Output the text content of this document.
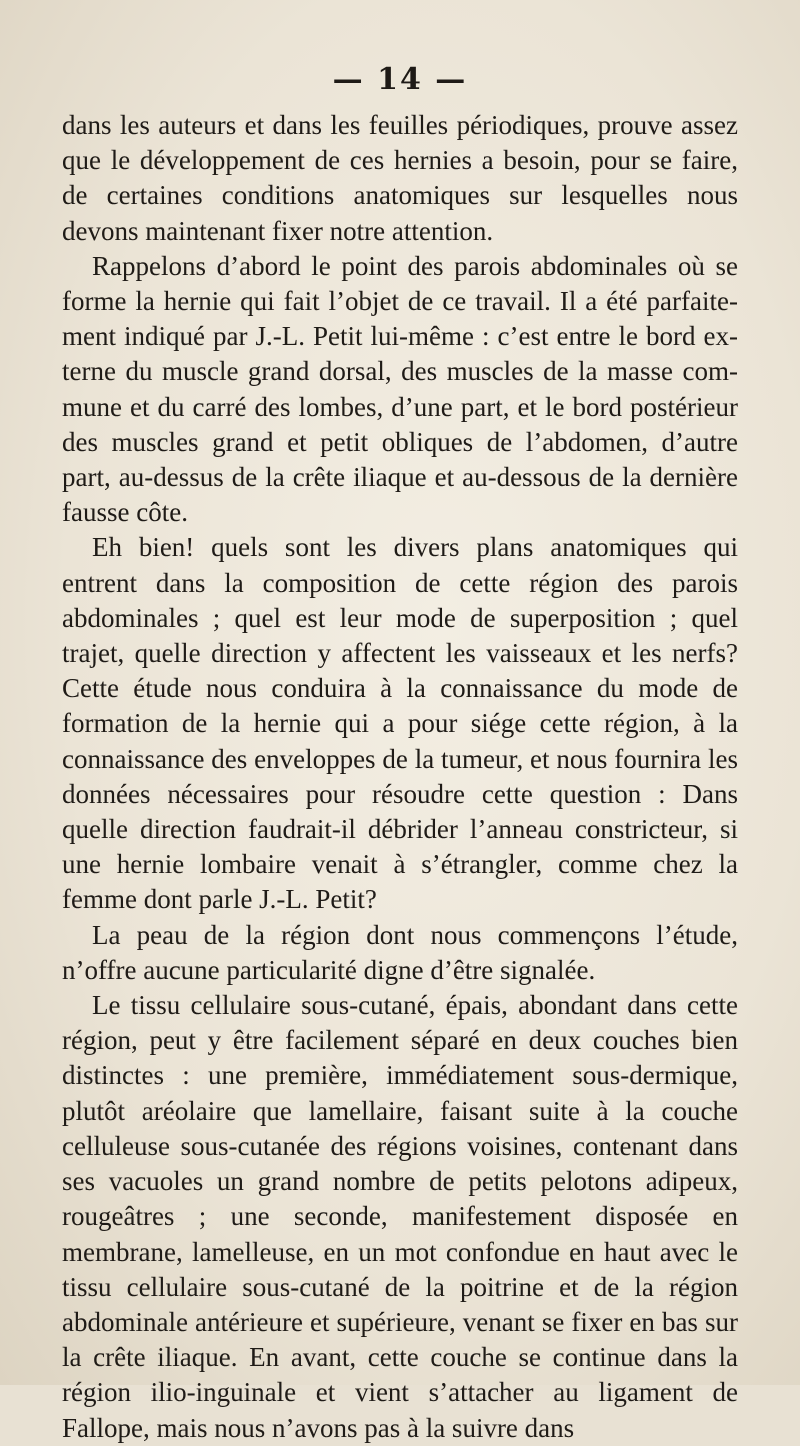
— 14 —

dans les auteurs et dans les feuilles périodiques, prouve assez que le développement de ces hernies a besoin, pour se faire, de certaines conditions anatomiques sur lesquelles nous devons maintenant fixer notre attention.

Rappelons d’abord le point des parois abdominales où se forme la hernie qui fait l’objet de ce travail. Il a été parfaitement indiqué par J.-L. Petit lui-même : c’est entre le bord externe du muscle grand dorsal, des muscles de la masse commune et du carré des lombes, d’une part, et le bord postérieur des muscles grand et petit obliques de l’abdomen, d’autre part, au-dessus de la crête iliaque et au-dessous de la dernière fausse côte.

Eh bien! quels sont les divers plans anatomiques qui entrent dans la composition de cette région des parois abdominales ; quel est leur mode de superposition ; quel trajet, quelle direction y affectent les vaisseaux et les nerfs? Cette étude nous conduira à la connaissance du mode de formation de la hernie qui a pour siége cette région, à la connaissance des enveloppes de la tumeur, et nous fournira les données nécessaires pour résoudre cette question : Dans quelle direction faudrait-il débrider l’anneau constricteur, si une hernie lombaire venait à s’étrangler, comme chez la femme dont parle J.-L. Petit?

La peau de la région dont nous commençons l’étude, n’offre aucune particularité digne d’être signalée.

Le tissu cellulaire sous-cutané, épais, abondant dans cette région, peut y être facilement séparé en deux couches bien distinctes : une première, immédiatement sous-dermique, plutôt aréolaire que lamellaire, faisant suite à la couche celluleuse sous-cutanée des régions voisines, contenant dans ses vacuoles un grand nombre de petits pelotons adipeux, rougeâtres ; une seconde, manifestement disposée en membrane, lamelleuse, en un mot confondue en haut avec le tissu cellulaire sous-cutané de la poitrine et de la région abdominale antérieure et supérieure, venant se fixer en bas sur la crête iliaque. En avant, cette couche se continue dans la région ilio-inguinale et vient s’attacher au ligament de Fallope, mais nous n’avons pas à la suivre dans
